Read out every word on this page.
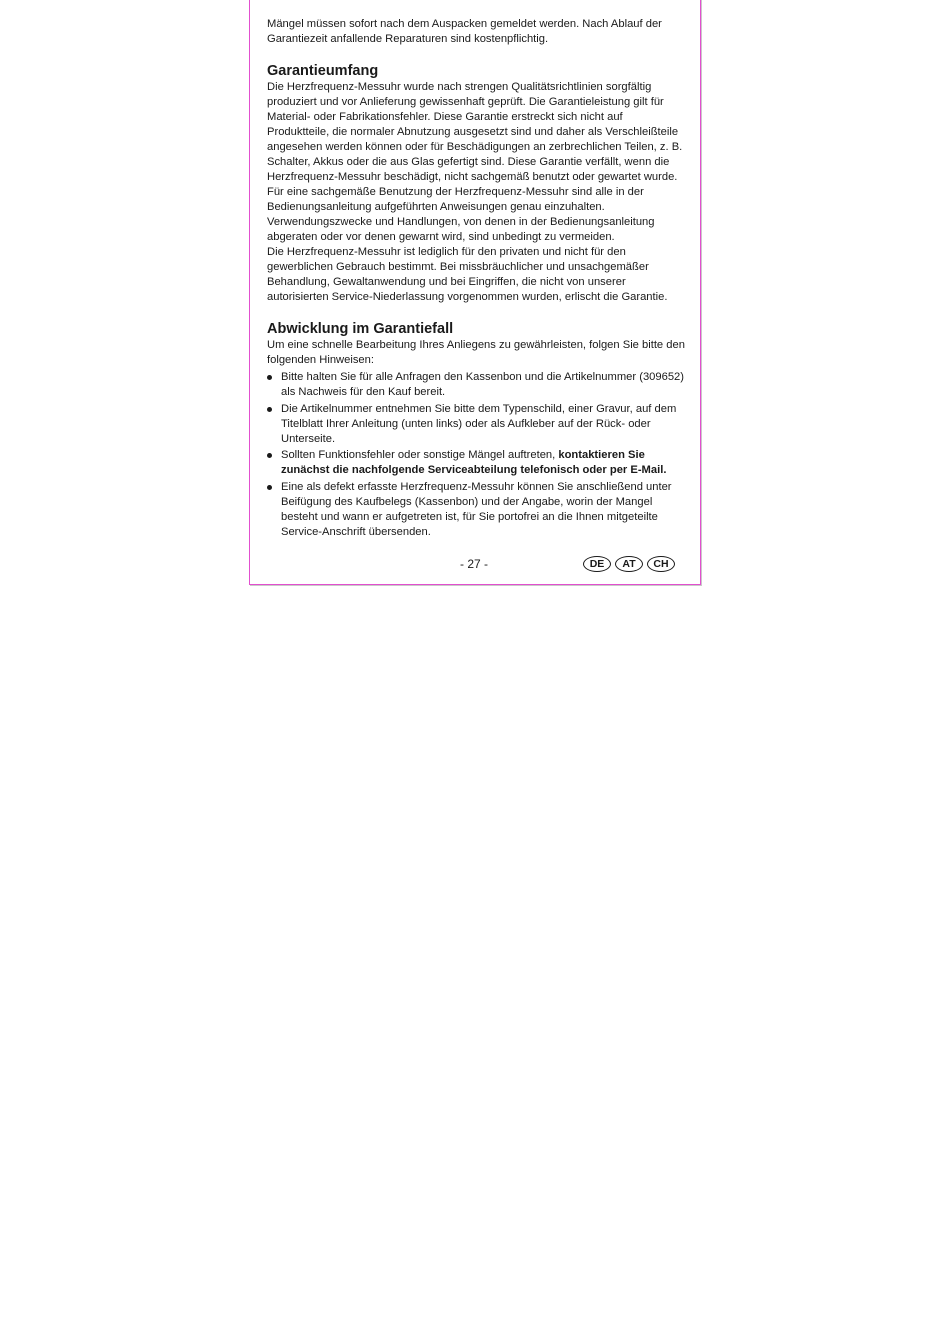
Mängel müssen sofort nach dem Auspacken gemeldet werden. Nach Ablauf der Garantiezeit anfallende Reparaturen sind kostenpflichtig.

Garantieumfang

Die Herzfrequenz-Messuhr wurde nach strengen Qualitätsrichtlinien sorgfältig produziert und vor Anlieferung gewissenhaft geprüft. Die Garantieleistung gilt für Material- oder Fabrikationsfehler. Diese Garantie erstreckt sich nicht auf Produktteile, die normaler Abnutzung ausgesetzt sind und daher als Verschleißteile angesehen werden können oder für Beschädigungen an zerbrechlichen Teilen, z. B. Schalter, Akkus oder die aus Glas gefertigt sind. Diese Garantie verfällt, wenn die Herzfrequenz-Messuhr beschädigt, nicht sachgemäß benutzt oder gewartet wurde. Für eine sachgemäße Benutzung der Herzfrequenz-Messuhr sind alle in der Bedienungsanleitung aufgeführten Anweisungen genau einzuhalten. Verwendungszwecke und Handlungen, von denen in der Bedienungsanleitung abgeraten oder vor denen gewarnt wird, sind unbedingt zu vermeiden.

Die Herzfrequenz-Messuhr ist lediglich für den privaten und nicht für den gewerblichen Gebrauch bestimmt. Bei missbräuchlicher und unsachgemäßer Behandlung, Gewaltanwendung und bei Eingriffen, die nicht von unserer autorisierten Service-Niederlassung vorgenommen wurden, erlischt die Garantie.

Abwicklung im Garantiefall

Um eine schnelle Bearbeitung Ihres Anliegens zu gewährleisten, folgen Sie bitte den folgenden Hinweisen:

Bitte halten Sie für alle Anfragen den Kassenbon und die Artikelnummer (309652) als Nachweis für den Kauf bereit.
Die Artikelnummer entnehmen Sie bitte dem Typenschild, einer Gravur, auf dem Titelblatt Ihrer Anleitung (unten links) oder als Aufkleber auf der Rück- oder Unterseite.
Sollten Funktionsfehler oder sonstige Mängel auftreten, kontaktieren Sie zunächst die nachfolgende Serviceabteilung telefonisch oder per E-Mail.
Eine als defekt erfasste Herzfrequenz-Messuhr können Sie anschließend unter Beifügung des Kaufbelegs (Kassenbon) und der Angabe, worin der Mangel besteht und wann er aufgetreten ist, für Sie portofrei an die Ihnen mitgeteilte Service-Anschrift übersenden.
- 27 -	DE	AT	CH
